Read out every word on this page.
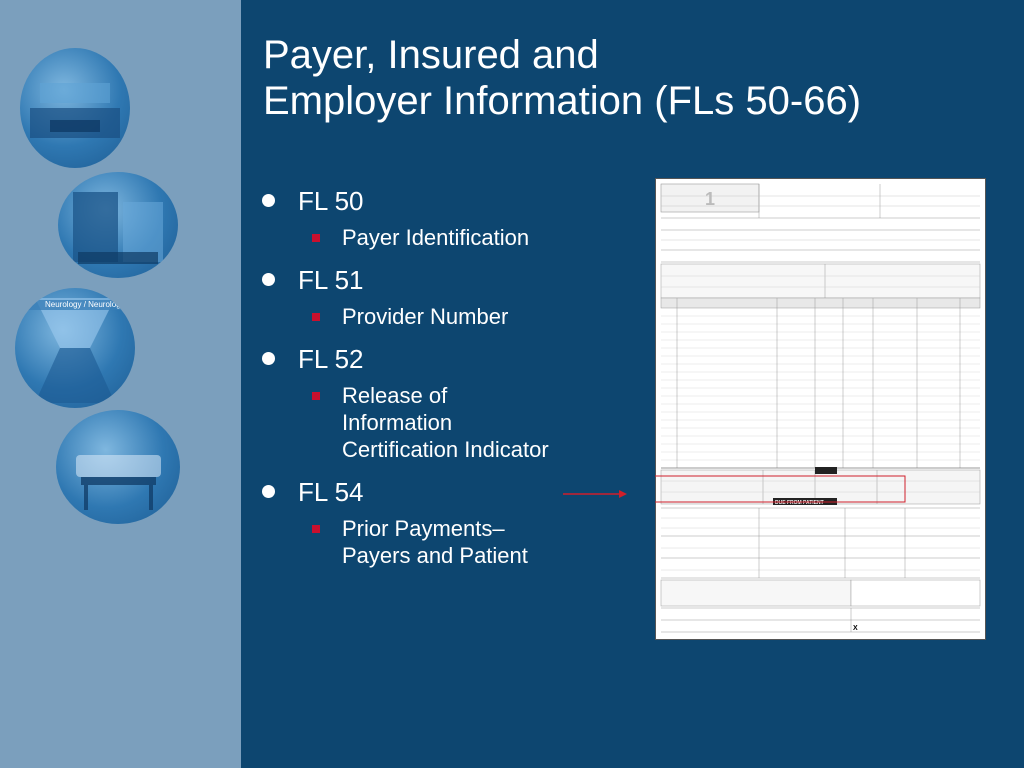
Neurology / Neurolog
Payer, Insured and
Employer Information (FLs 50-66)
FL 50
Payer Identification
FL 51
Provider Number
FL 52
Release of
Information
Certification Indicator
FL 54
Prior Payments–
Payers and Patient
1
DUE FROM PATIENT
X
